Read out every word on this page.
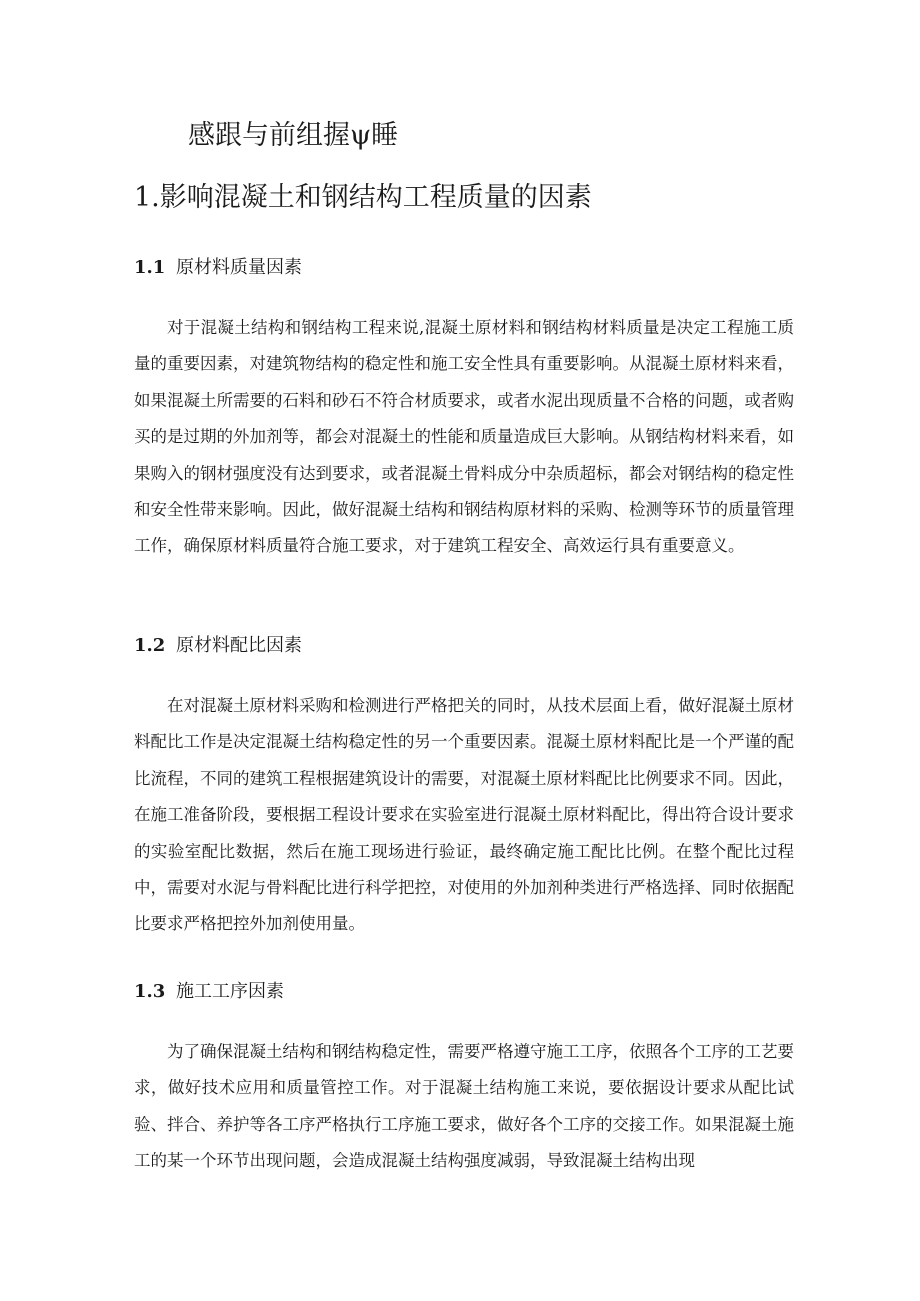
感跟与前组握ψ睡
1.影响混凝土和钢结构工程质量的因素
1.1 原材料质量因素

对于混凝土结构和钢结构工程来说,混凝土原材料和钢结构材料质量是决定工程施工质量的重要因素，对建筑物结构的稳定性和施工安全性具有重要影响。从混凝土原材料来看，如果混凝土所需要的石料和砂石不符合材质要求，或者水泥出现质量不合格的问题，或者购买的是过期的外加剂等，都会对混凝土的性能和质量造成巨大影响。从钢结构材料来看，如果购入的钢材强度没有达到要求，或者混凝土骨料成分中杂质超标，都会对钢结构的稳定性和安全性带来影响。因此，做好混凝土结构和钢结构原材料的采购、检测等环节的质量管理工作，确保原材料质量符合施工要求，对于建筑工程安全、高效运行具有重要意义。

1.2 原材料配比因素

在对混凝土原材料采购和检测进行严格把关的同时，从技术层面上看，做好混凝土原材料配比工作是决定混凝土结构稳定性的另一个重要因素。混凝土原材料配比是一个严谨的配比流程，不同的建筑工程根据建筑设计的需要，对混凝土原材料配比比例要求不同。因此，在施工准备阶段，要根据工程设计要求在实验室进行混凝土原材料配比，得出符合设计要求的实验室配比数据，然后在施工现场进行验证，最终确定施工配比比例。在整个配比过程中，需要对水泥与骨料配比进行科学把控，对使用的外加剂种类进行严格选择、同时依据配比要求严格把控外加剂使用量。

1.3 施工工序因素

为了确保混凝土结构和钢结构稳定性，需要严格遵守施工工序，依照各个工序的工艺要求，做好技术应用和质量管控工作。对于混凝土结构施工来说，要依据设计要求从配比试验、拌合、养护等各工序严格执行工序施工要求，做好各个工序的交接工作。如果混凝土施工的某一个环节出现问题，会造成混凝土结构强度减弱，导致混凝土结构出现
